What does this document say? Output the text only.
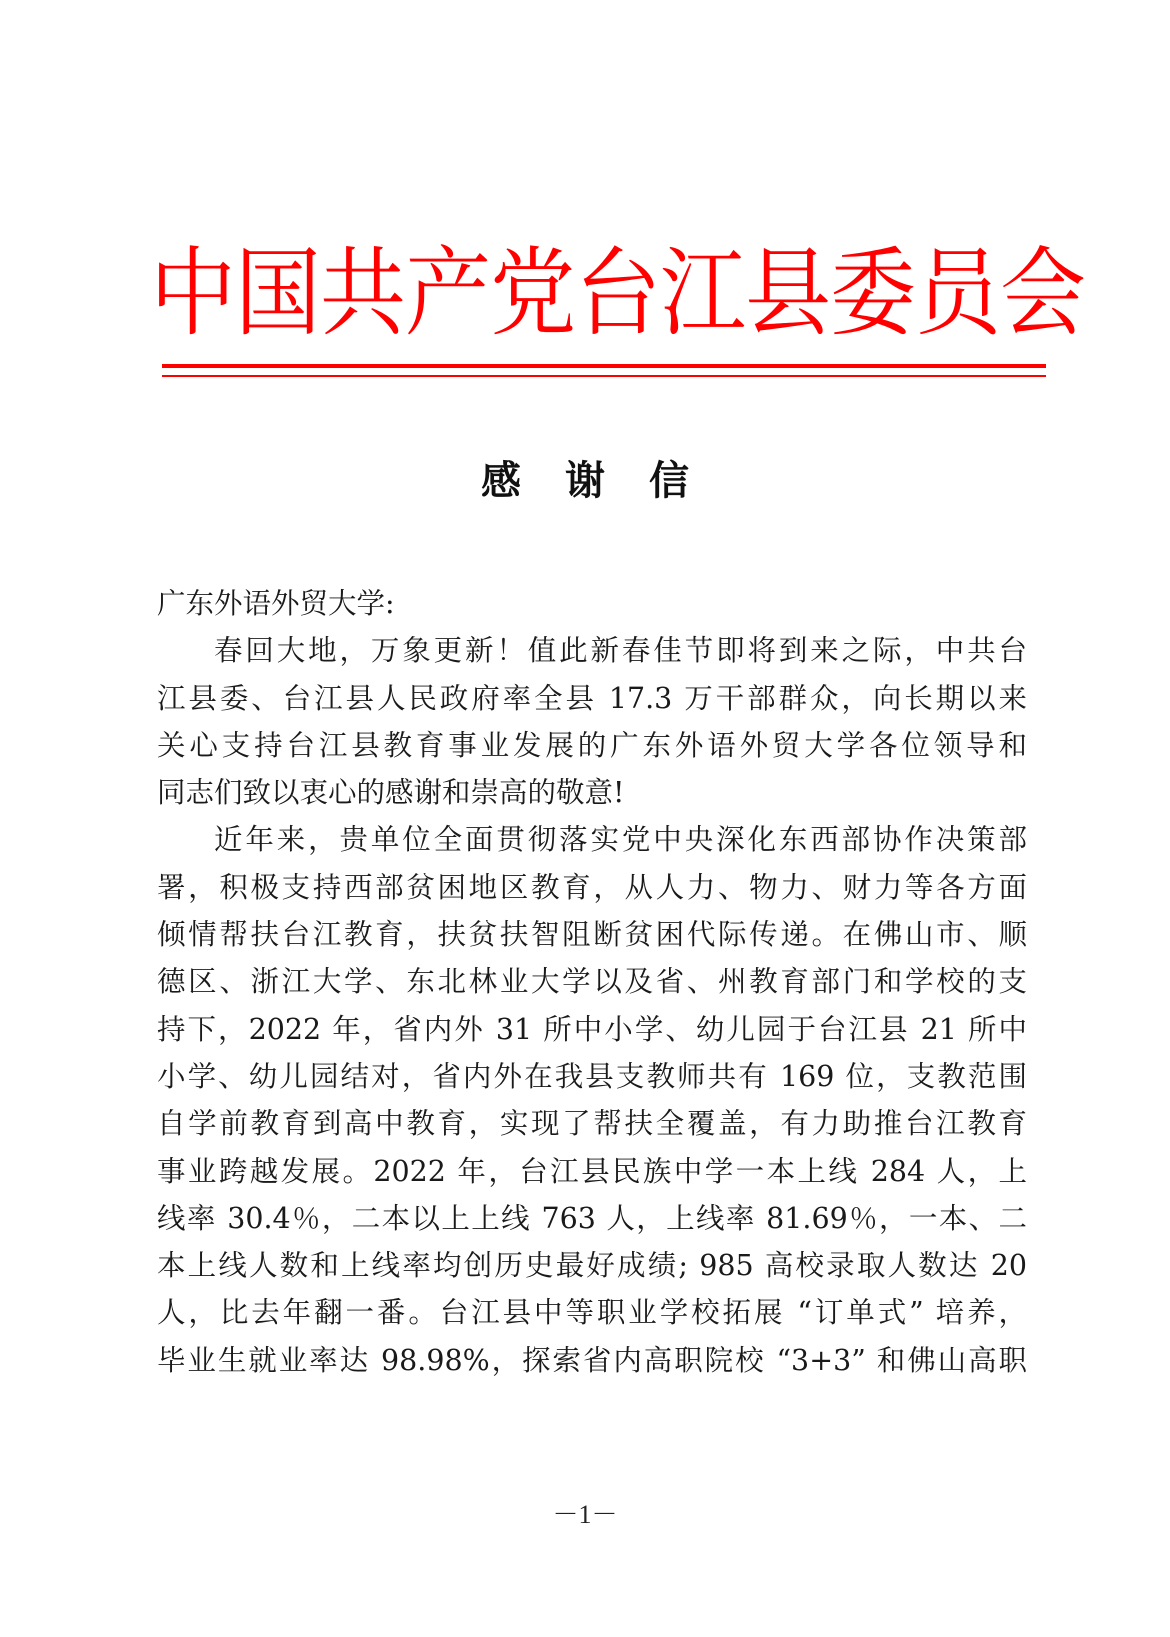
中国共产党台江县委员会
感谢信
广东外语外贸大学:
春回大地，万象更新！值此新春佳节即将到来之际，中共台
江县委、台江县人民政府率全县 17.3 万干部群众，向长期以来
关心支持台江县教育事业发展的广东外语外贸大学各位领导和
同志们致以衷心的感谢和崇高的敬意!
近年来，贵单位全面贯彻落实党中央深化东西部协作决策部
署，积极支持西部贫困地区教育，从人力、物力、财力等各方面
倾情帮扶台江教育，扶贫扶智阻断贫困代际传递。在佛山市、顺
德区、浙江大学、东北林业大学以及省、州教育部门和学校的支
持下，2022 年，省内外 31 所中小学、幼儿园于台江县 21 所中
小学、幼儿园结对，省内外在我县支教师共有 169 位，支教范围
自学前教育到高中教育，实现了帮扶全覆盖，有力助推台江教育
事业跨越发展。2022 年，台江县民族中学一本上线 284 人，上
线率 30.4％，二本以上上线 763 人，上线率 81.69％，一本、二
本上线人数和上线率均创历史最好成绩; 985 高校录取人数达 20
人，比去年翻一番。台江县中等职业学校拓展 “订单式” 培养，
毕业生就业率达 98.98%，探索省内高职院校 “3+3” 和佛山高职
－1－
